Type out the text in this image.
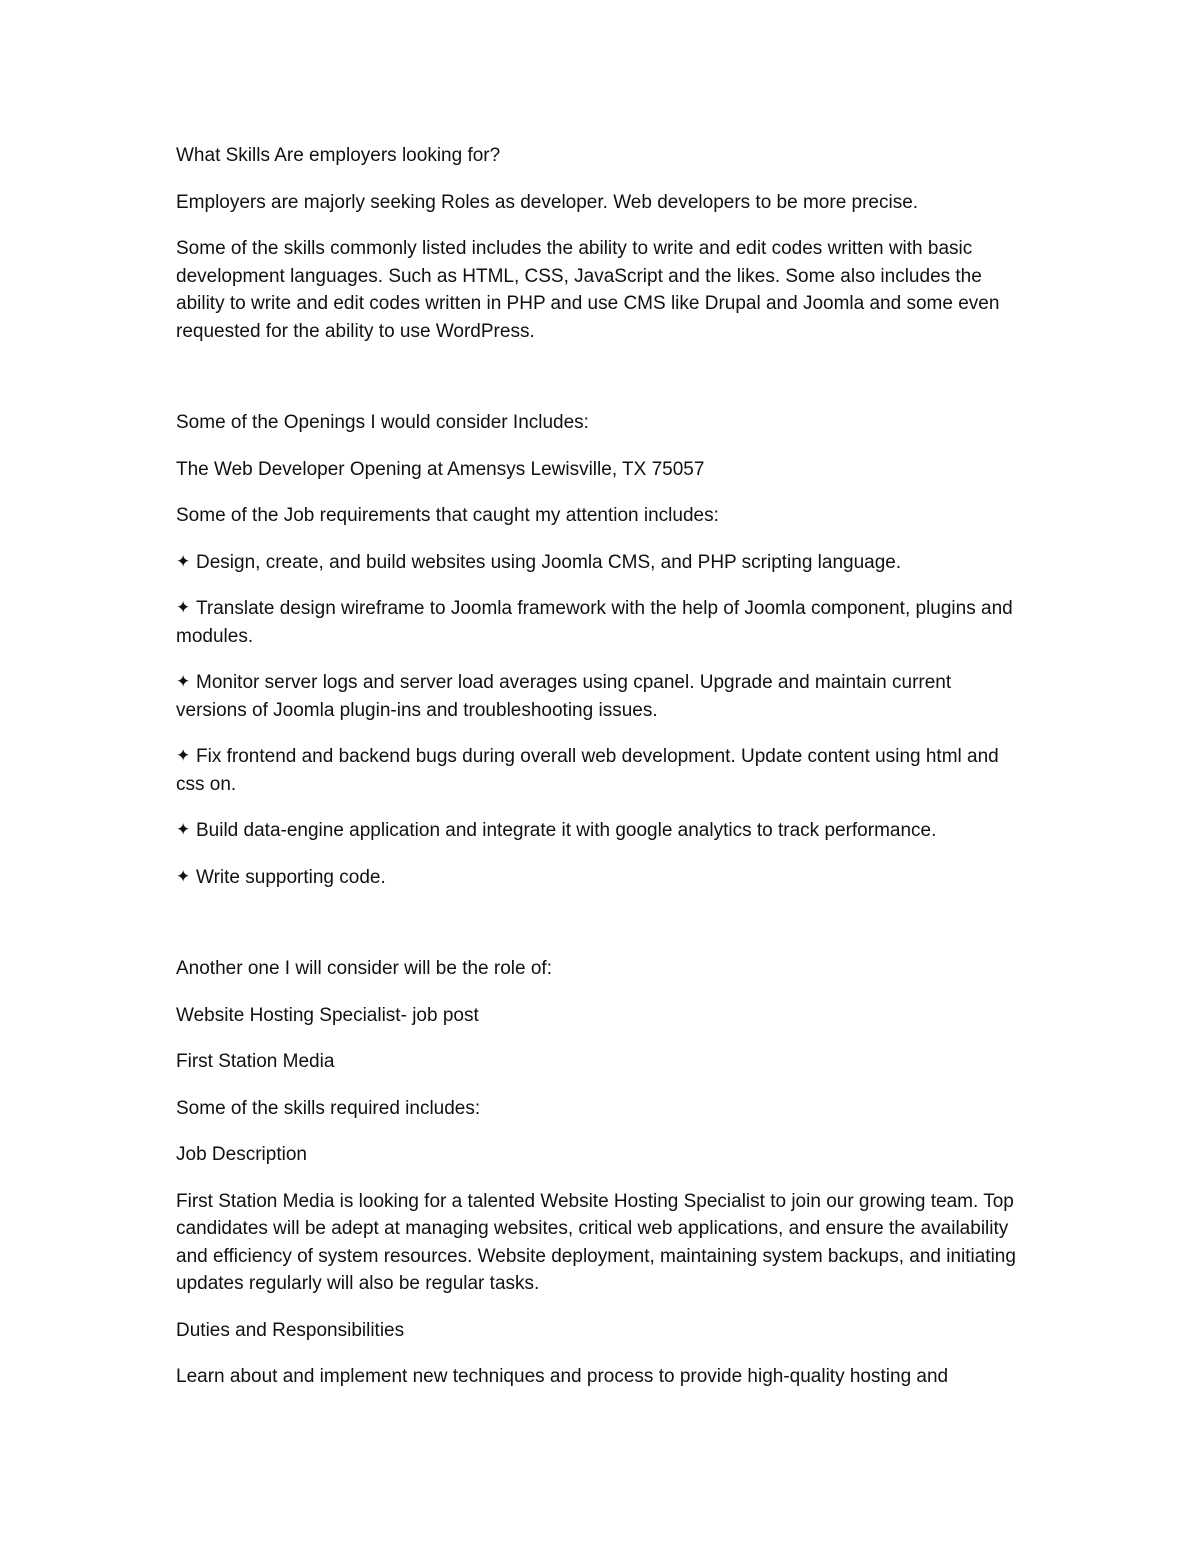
What Skills Are employers looking for?

Employers are majorly seeking Roles as developer. Web developers to be more precise.

Some of the skills commonly listed includes the ability to write and edit codes written with basic development languages. Such as HTML, CSS, JavaScript and the likes. Some also includes the ability to write and edit codes written in PHP and use CMS like Drupal and Joomla and some even requested for the ability to use WordPress.

Some of the Openings I would consider Includes:

The Web Developer Opening at Amensys Lewisville, TX 75057

Some of the Job requirements that caught my attention includes:

✦ Design, create, and build websites using Joomla CMS, and PHP scripting language.

✦ Translate design wireframe to Joomla framework with the help of Joomla component, plugins and modules.

✦ Monitor server logs and server load averages using cpanel. Upgrade and maintain current versions of Joomla plugin-ins and troubleshooting issues.

✦ Fix frontend and backend bugs during overall web development. Update content using html and css on.

✦ Build data-engine application and integrate it with google analytics to track performance.

✦ Write supporting code.

Another one I will consider will be the role of:

Website Hosting Specialist- job post

First Station Media

Some of the skills required includes:

Job Description

First Station Media is looking for a talented Website Hosting Specialist to join our growing team. Top candidates will be adept at managing websites, critical web applications, and ensure the availability and efficiency of system resources. Website deployment, maintaining system backups, and initiating updates regularly will also be regular tasks.

Duties and Responsibilities

Learn about and implement new techniques and process to provide high-quality hosting and
